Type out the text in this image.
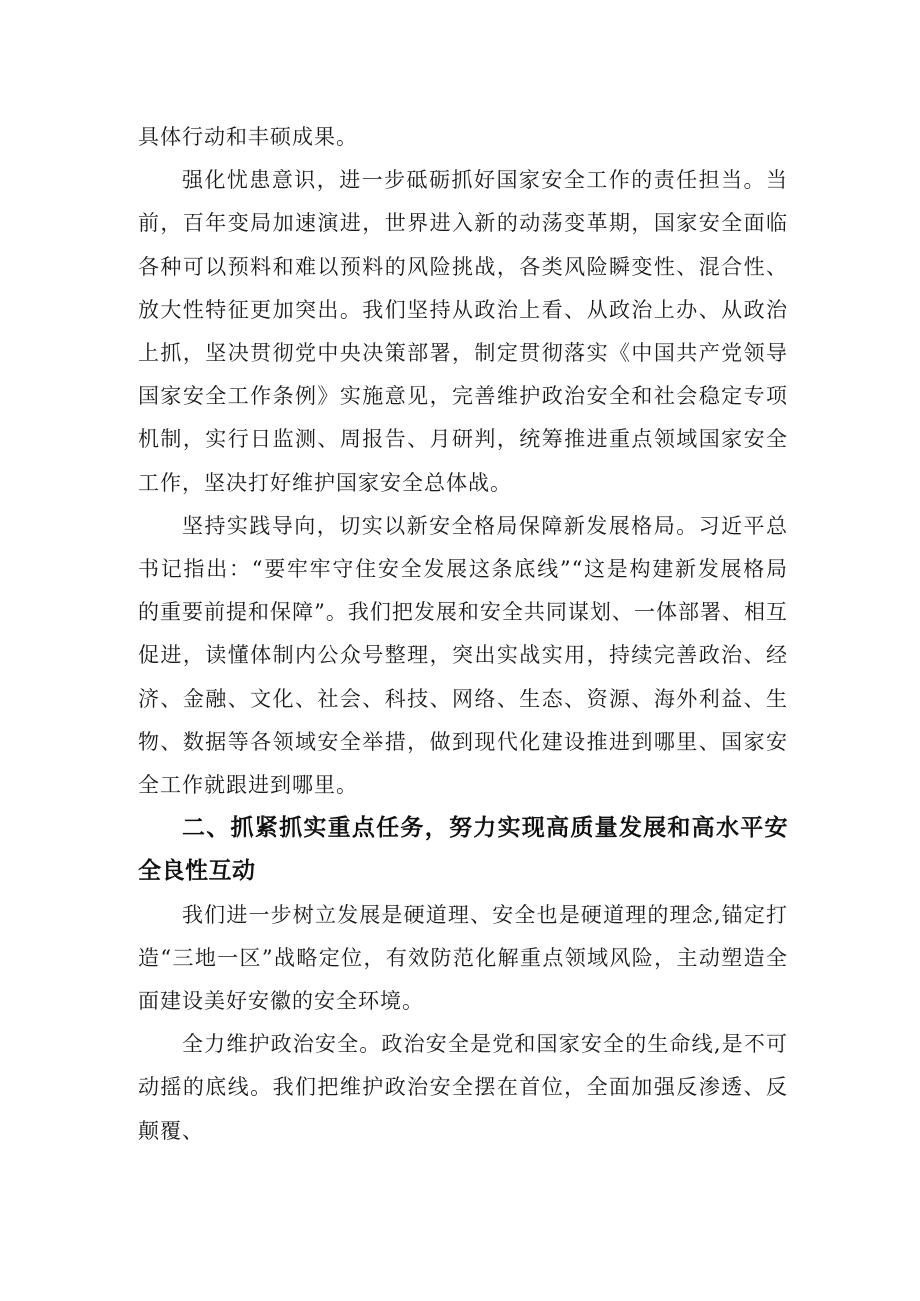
具体行动和丰硕成果。

强化忧患意识，进一步砥砺抓好国家安全工作的责任担当。当前，百年变局加速演进，世界进入新的动荡变革期，国家安全面临各种可以预料和难以预料的风险挑战，各类风险瞬变性、混合性、放大性特征更加突出。我们坚持从政治上看、从政治上办、从政治上抓，坚决贯彻党中央决策部署，制定贯彻落实《中国共产党领导国家安全工作条例》实施意见，完善维护政治安全和社会稳定专项机制，实行日监测、周报告、月研判，统筹推进重点领域国家安全工作，坚决打好维护国家安全总体战。

坚持实践导向，切实以新安全格局保障新发展格局。习近平总书记指出：“要牢牢守住安全发展这条底线”“这是构建新发展格局的重要前提和保障”。我们把发展和安全共同谋划、一体部署、相互促进，读懂体制内公众号整理，突出实战实用，持续完善政治、经济、金融、文化、社会、科技、网络、生态、资源、海外利益、生物、数据等各领域安全举措，做到现代化建设推进到哪里、国家安全工作就跟进到哪里。

二、抓紧抓实重点任务，努力实现高质量发展和高水平安全良性互动

我们进一步树立发展是硬道理、安全也是硬道理的理念,锚定打造“三地一区”战略定位，有效防范化解重点领域风险，主动塑造全面建设美好安徽的安全环境。

全力维护政治安全。政治安全是党和国家安全的生命线,是不可动摇的底线。我们把维护政治安全摆在首位，全面加强反渗透、反颠覆、
